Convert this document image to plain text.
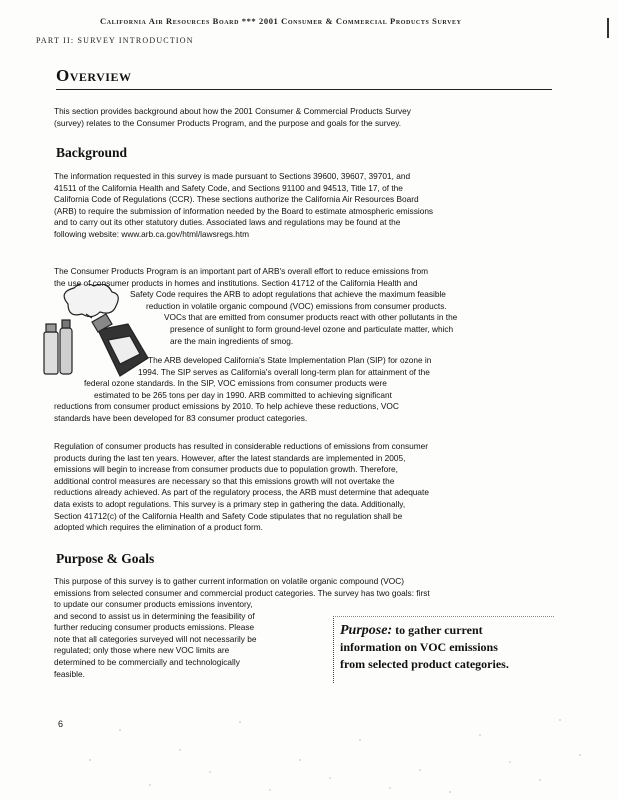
California Air Resources Board *** 2001 Consumer & Commercial Products Survey
PART II: SURVEY INTRODUCTION
Overview

This section provides background about how the 2001 Consumer & Commercial Products Survey
(survey) relates to the Consumer Products Program, and the purpose and goals for the survey.

Background

The information requested in this survey is made pursuant to Sections 39600, 39607, 39701, and
41511 of the California Health and Safety Code, and Sections 91100 and 94513, Title 17, of the
California Code of Regulations (CCR). These sections authorize the California Air Resources Board
(ARB) to require the submission of information needed by the Board to estimate atmospheric emissions
and to carry out its other statutory duties. Associated laws and regulations may be found at the
following website: www.arb.ca.gov/html/lawsregs.htm

The Consumer Products Program is an important part of ARB's overall effort to reduce emissions from
the use of consumer products in homes and institutions. Section 41712 of the California Health and
Safety Code requires the ARB to adopt regulations that achieve the maximum feasible
reduction in volatile organic compound (VOC) emissions from consumer products.
VOCs that are emitted from consumer products react with other pollutants in the
presence of sunlight to form ground-level ozone and particulate matter, which
are the main ingredients of smog.

The ARB developed California's State Implementation Plan (SIP) for ozone in
1994. The SIP serves as California's overall long-term plan for attainment of the
federal ozone standards. In the SIP, VOC emissions from consumer products were
estimated to be 265 tons per day in 1990. ARB committed to achieving significant
reductions from consumer product emissions by 2010. To help achieve these reductions, VOC
standards have been developed for 83 consumer product categories.

Regulation of consumer products has resulted in considerable reductions of emissions from consumer
products during the last ten years. However, after the latest standards are implemented in 2005,
emissions will begin to increase from consumer products due to population growth. Therefore,
additional control measures are necessary so that this emissions growth will not overtake the
reductions already achieved. As part of the regulatory process, the ARB must determine that adequate
data exists to adopt regulations. This survey is a primary step in gathering the data. Additionally,
Section 41712(c) of the California Health and Safety Code stipulates that no regulation shall be
adopted which requires the elimination of a product form.

Purpose & Goals

This purpose of this survey is to gather current information on volatile organic compound (VOC)
emissions from selected consumer and commercial product categories. The survey has two goals: first

to update our consumer products emissions inventory,
and second to assist us in determining the feasibility of
further reducing consumer products emissions. Please
note that all categories surveyed will not necessarily be
regulated; only those where new VOC limits are
determined to be commercially and technologically
feasible.

Purpose: to gather current
information on VOC emissions
from selected product categories.

6
